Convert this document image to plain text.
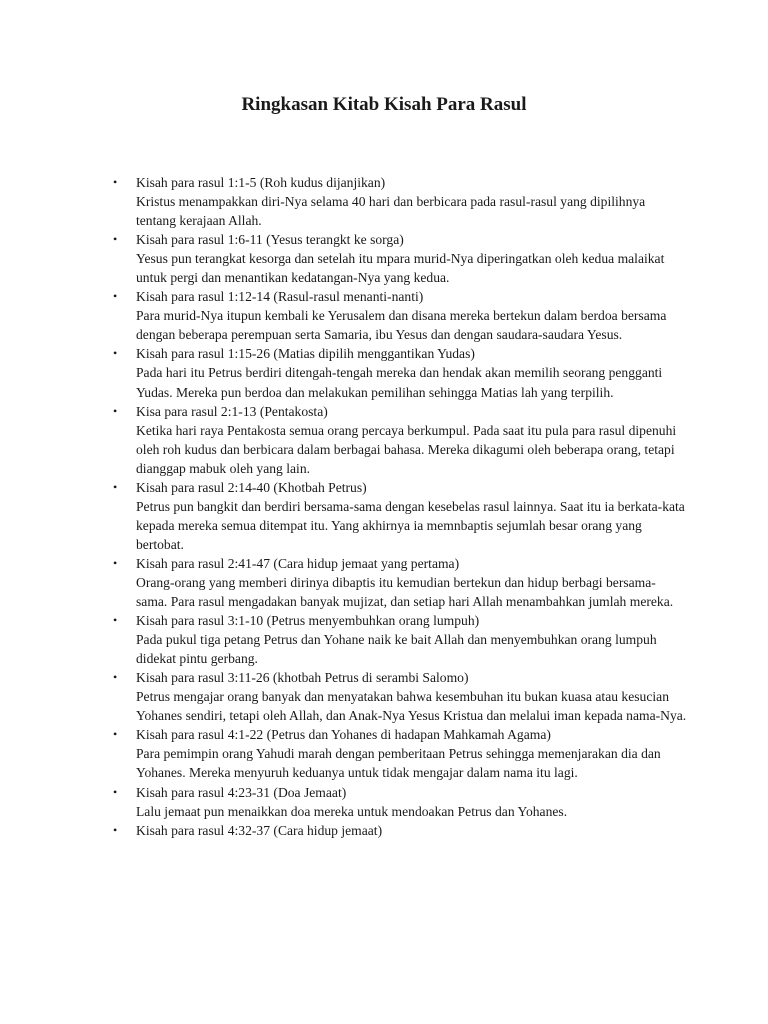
Ringkasan Kitab Kisah Para Rasul
• Kisah para rasul 1:1-5 (Roh kudus dijanjikan)
Kristus menampakkan diri-Nya selama 40 hari dan berbicara pada rasul-rasul yang dipilihnya tentang kerajaan Allah.
• Kisah para rasul 1:6-11 (Yesus terangkt ke sorga)
Yesus pun terangkat kesorga dan setelah itu mpara murid-Nya diperingatkan oleh kedua malaikat untuk pergi dan menantikan kedatangan-Nya yang kedua.
• Kisah para rasul 1:12-14 (Rasul-rasul menanti-nanti)
Para murid-Nya itupun kembali ke Yerusalem dan disana mereka bertekun dalam berdoa bersama dengan beberapa perempuan serta Samaria, ibu Yesus dan dengan saudara-saudara Yesus.
• Kisah para rasul 1:15-26 (Matias dipilih menggantikan Yudas)
Pada hari itu Petrus berdiri ditengah-tengah mereka dan hendak akan memilih seorang pengganti Yudas. Mereka pun berdoa dan melakukan pemilihan sehingga Matias lah yang terpilih.
• Kisa para rasul 2:1-13 (Pentakosta)
Ketika hari raya Pentakosta semua orang percaya berkumpul. Pada saat itu pula para rasul dipenuhi oleh roh kudus dan berbicara dalam berbagai bahasa. Mereka dikagumi oleh beberapa orang, tetapi dianggap mabuk oleh yang lain.
• Kisah para rasul 2:14-40 (Khotbah Petrus)
Petrus pun bangkit dan berdiri bersama-sama dengan kesebelas rasul lainnya. Saat itu ia berkata-kata kepada mereka semua ditempat itu. Yang akhirnya ia memnbaptis sejumlah besar orang yang bertobat.
• Kisah para rasul 2:41-47 (Cara hidup jemaat yang pertama)
Orang-orang yang memberi dirinya dibaptis itu kemudian bertekun dan hidup berbagi bersama-sama. Para rasul mengadakan banyak mujizat, dan setiap hari Allah menambahkan jumlah mereka.
• Kisah para rasul 3:1-10 (Petrus menyembuhkan orang lumpuh)
Pada pukul tiga petang Petrus dan Yohane naik ke bait Allah dan menyembuhkan orang lumpuh didekat pintu gerbang.
• Kisah para rasul 3:11-26 (khotbah Petrus di serambi Salomo)
Petrus mengajar orang banyak dan menyatakan bahwa kesembuhan itu bukan kuasa atau kesucian Yohanes sendiri, tetapi oleh Allah, dan Anak-Nya Yesus Kristua dan melalui iman kepada nama-Nya.
• Kisah para rasul 4:1-22 (Petrus dan Yohanes di hadapan Mahkamah Agama)
Para pemimpin orang Yahudi marah dengan pemberitaan Petrus sehingga memenjarakan dia dan Yohanes. Mereka menyuruh keduanya untuk tidak mengajar dalam nama itu lagi.
• Kisah para rasul 4:23-31 (Doa Jemaat)
Lalu jemaat pun menaikkan doa mereka untuk mendoakan Petrus dan Yohanes.
• Kisah para rasul 4:32-37 (Cara hidup jemaat)
